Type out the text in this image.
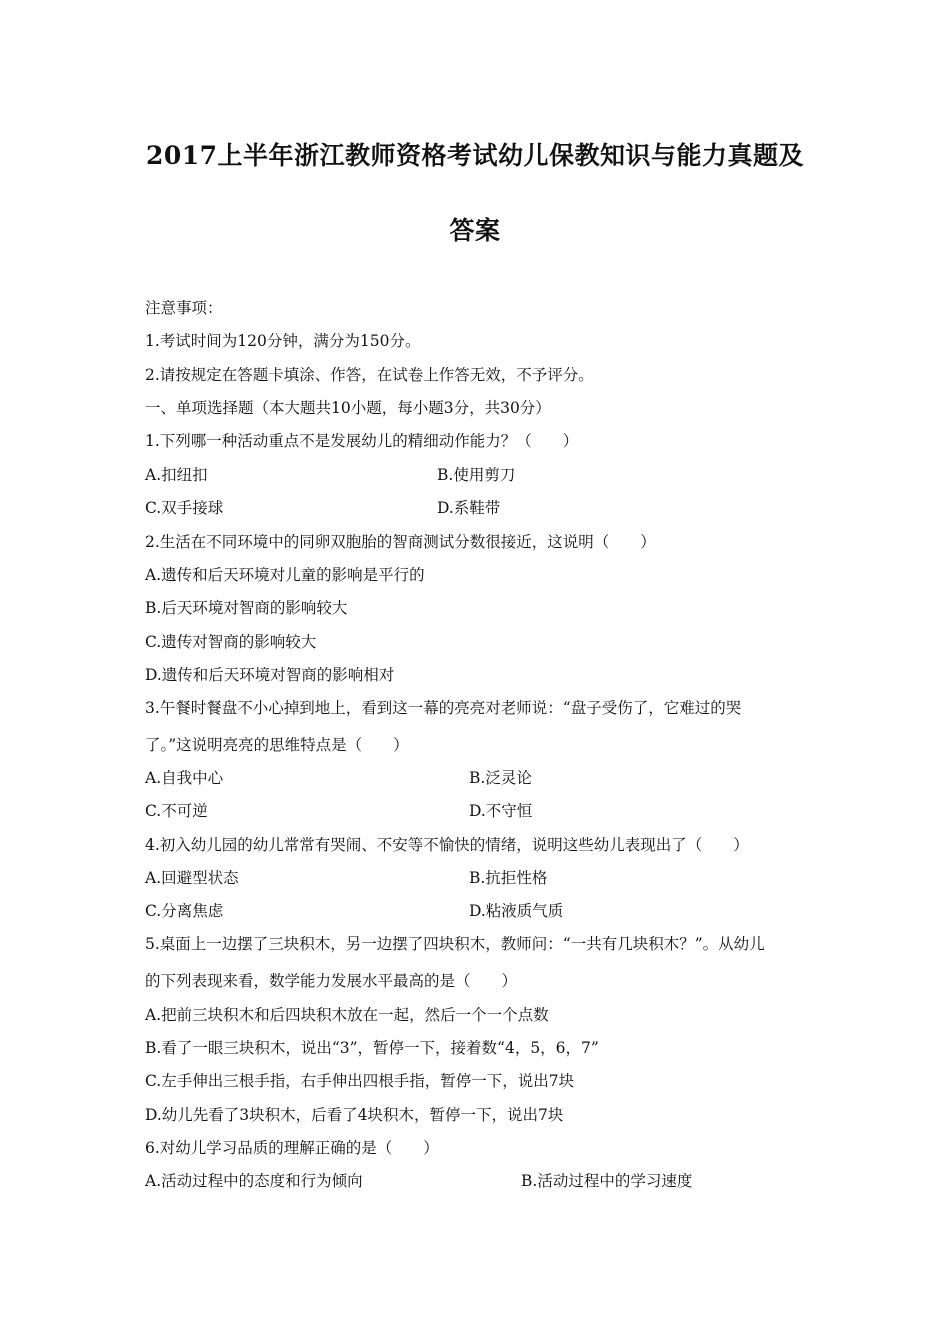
2017上半年浙江教师资格考试幼儿保教知识与能力真题及
答案
注意事项：
1.考试时间为120分钟，满分为150分。
2.请按规定在答题卡填涂、作答，在试卷上作答无效，不予评分。
一、单项选择题（本大题共10小题，每小题3分，共30分）
1.下列哪一种活动重点不是发展幼儿的精细动作能力？（　　）
A.扣纽扣	B.使用剪刀
C.双手接球	D.系鞋带
2.生活在不同环境中的同卵双胞胎的智商测试分数很接近，这说明（　　）
A.遗传和后天环境对儿童的影响是平行的
B.后天环境对智商的影响较大
C.遗传对智商的影响较大
D.遗传和后天环境对智商的影响相对
3.午餐时餐盘不小心掉到地上，看到这一幕的亮亮对老师说：“盘子受伤了，它难过的哭
了。”这说明亮亮的思维特点是（　　）
A.自我中心	B.泛灵论
C.不可逆	D.不守恒
4.初入幼儿园的幼儿常常有哭闹、不安等不愉快的情绪，说明这些幼儿表现出了（　　）
A.回避型状态	B.抗拒性格
C.分离焦虑	D.粘液质气质
5.桌面上一边摆了三块积木，另一边摆了四块积木，教师问：“一共有几块积木？”。从幼儿
的下列表现来看，数学能力发展水平最高的是（　　）
A.把前三块积木和后四块积木放在一起，然后一个一个点数
B.看了一眼三块积木，说出“3”，暂停一下，接着数“4，5，6，7”
C.左手伸出三根手指，右手伸出四根手指，暂停一下，说出7块
D.幼儿先看了3块积木，后看了4块积木，暂停一下，说出7块
6.对幼儿学习品质的理解正确的是（　　）
A.活动过程中的态度和行为倾向	B.活动过程中的学习速度
